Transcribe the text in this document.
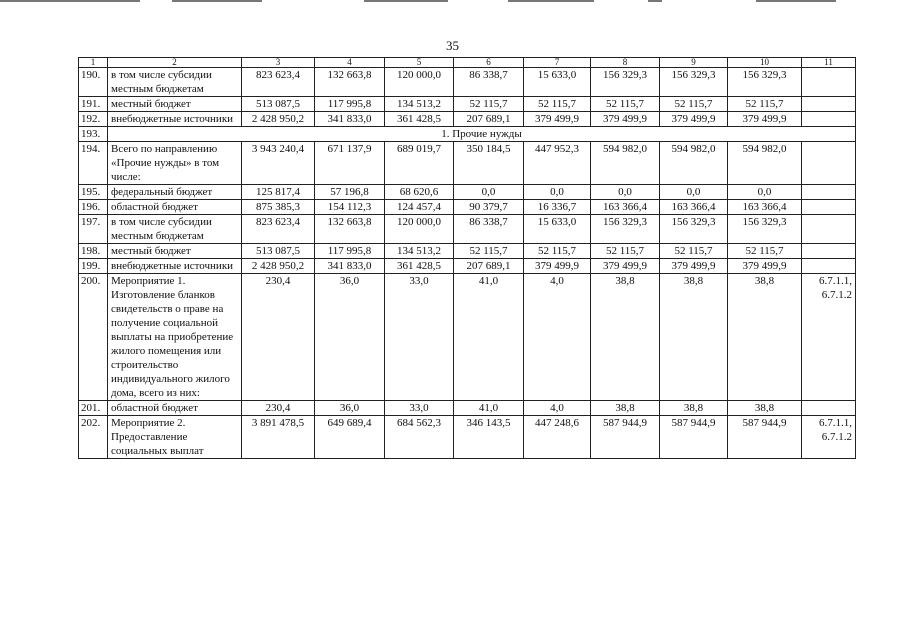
35
1	2	3	4	5	6	7	8	9	10	11
190.	в том числе субсидии местным бюджетам	823 623,4	132 663,8	120 000,0	86 338,7	15 633,0	156 329,3	156 329,3	156 329,3	
191.	местный бюджет	513 087,5	117 995,8	134 513,2	52 115,7	52 115,7	52 115,7	52 115,7	52 115,7	
192.	внебюджетные источники	2 428 950,2	341 833,0	361 428,5	207 689,1	379 499,9	379 499,9	379 499,9	379 499,9	
193.	1. Прочие нужды									
194.	Всего по направлению «Прочие нужды» в том числе:	3 943 240,4	671 137,9	689 019,7	350 184,5	447 952,3	594 982,0	594 982,0	594 982,0	
195.	федеральный бюджет	125 817,4	57 196,8	68 620,6	0,0	0,0	0,0	0,0	0,0	
196.	областной бюджет	875 385,3	154 112,3	124 457,4	90 379,7	16 336,7	163 366,4	163 366,4	163 366,4	
197.	в том числе субсидии местным бюджетам	823 623,4	132 663,8	120 000,0	86 338,7	15 633,0	156 329,3	156 329,3	156 329,3	
198.	местный бюджет	513 087,5	117 995,8	134 513,2	52 115,7	52 115,7	52 115,7	52 115,7	52 115,7	
199.	внебюджетные источники	2 428 950,2	341 833,0	361 428,5	207 689,1	379 499,9	379 499,9	379 499,9	379 499,9	
200.	Мероприятие 1. Изготовление бланков свидетельств о праве на получение социальной выплаты на приобретение жилого помещения или строительство индивидуального жилого дома, всего из них:	230,4	36,0	33,0	41,0	4,0	38,8	38,8	38,8	6.7.1.1, 6.7.1.2
201.	областной бюджет	230,4	36,0	33,0	41,0	4,0	38,8	38,8	38,8	
202.	Мероприятие 2. Предоставление социальных выплат	3 891 478,5	649 689,4	684 562,3	346 143,5	447 248,6	587 944,9	587 944,9	587 944,9	6.7.1.1, 6.7.1.2
